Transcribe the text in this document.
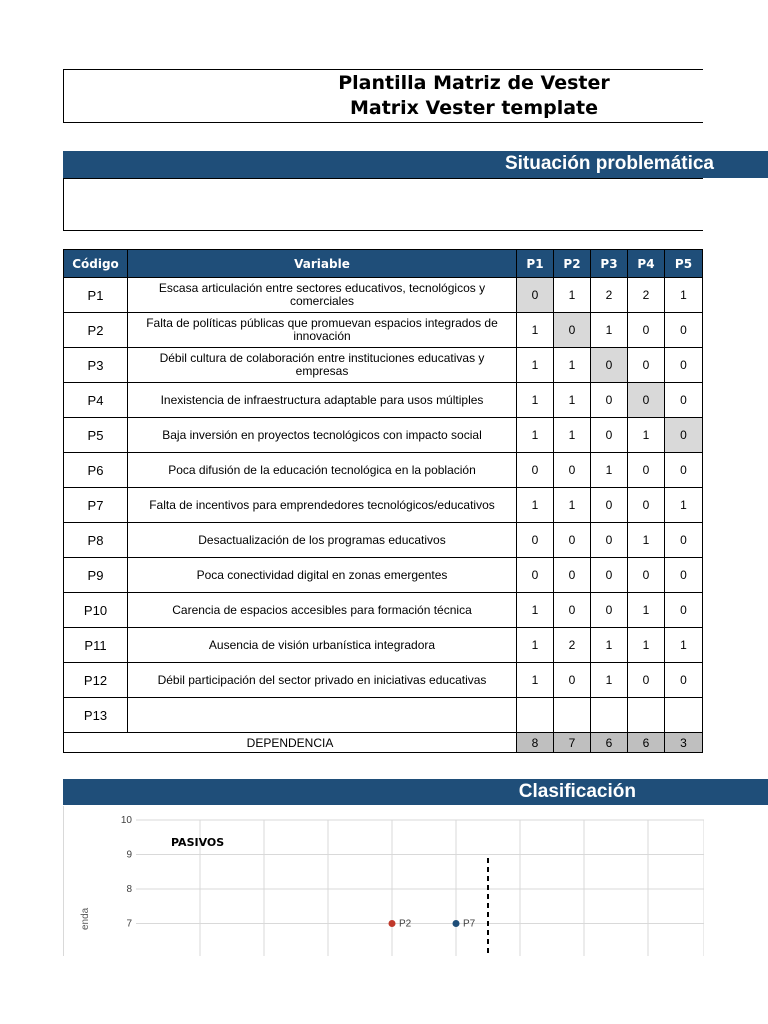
Plantilla Matriz de Vester
Matrix Vester template
Situación problemática
Código	Variable	P1	P2	P3	P4	P5
P1	Escasa articulación entre sectores educativos, tecnológicos y comerciales	0	1	2	2	1
P2	Falta de políticas públicas que promuevan espacios integrados de innovación	1	0	1	0	0
P3	Débil cultura de colaboración entre instituciones educativas y empresas	1	1	0	0	0
P4	Inexistencia de infraestructura adaptable para usos múltiples	1	1	0	0	0
P5	Baja inversión en proyectos tecnológicos con impacto social	1	1	0	1	0
P6	Poca difusión de la educación tecnológica en la población	0	0	1	0	0
P7	Falta de incentivos para emprendedores tecnológicos/educativos	1	1	0	0	1
P8	Desactualización de los programas educativos	0	0	0	1	0
P9	Poca conectividad digital en zonas emergentes	0	0	0	0	0
P10	Carencia de espacios accesibles para formación técnica	1	0	0	1	0
P11	Ausencia de visión urbanística integradora	1	2	1	1	1
P12	Débil participación del sector privado en iniciativas educativas	1	0	1	0	0
P13						
DEPENDENCIA		8	7	6	6	3
Clasificación
10
9
8
7	P2	P7
PASIVOS
enda
